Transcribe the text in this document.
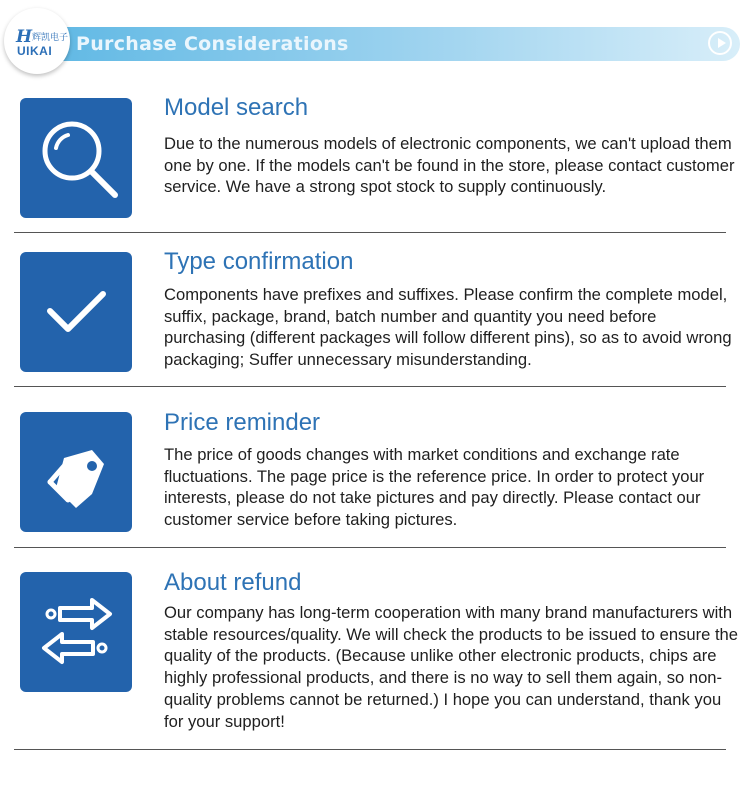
Purchase Considerations
H 辉凯电子
UIKAI
Model search
Due to the numerous models of electronic components, we can't upload them one by one. If the models can't be found in the store, please contact customer service. We have a strong spot stock to supply continuously.
Type confirmation
Components have prefixes and suffixes. Please confirm the complete model, suffix, package, brand, batch number and quantity you need before purchasing (different packages will follow different pins), so as to avoid wrong packaging; Suffer unnecessary misunderstanding.
Price reminder
The price of goods changes with market conditions and exchange rate fluctuations. The page price is the reference price. In order to protect your interests, please do not take pictures and pay directly. Please contact our customer service before taking pictures.
About refund
Our company has long-term cooperation with many brand manufacturers with stable resources/quality. We will check the products to be issued to ensure the quality of the products. (Because unlike other electronic products, chips are highly professional products, and there is no way to sell them again, so non-quality problems cannot be returned.) I hope you can understand, thank you for your support!
